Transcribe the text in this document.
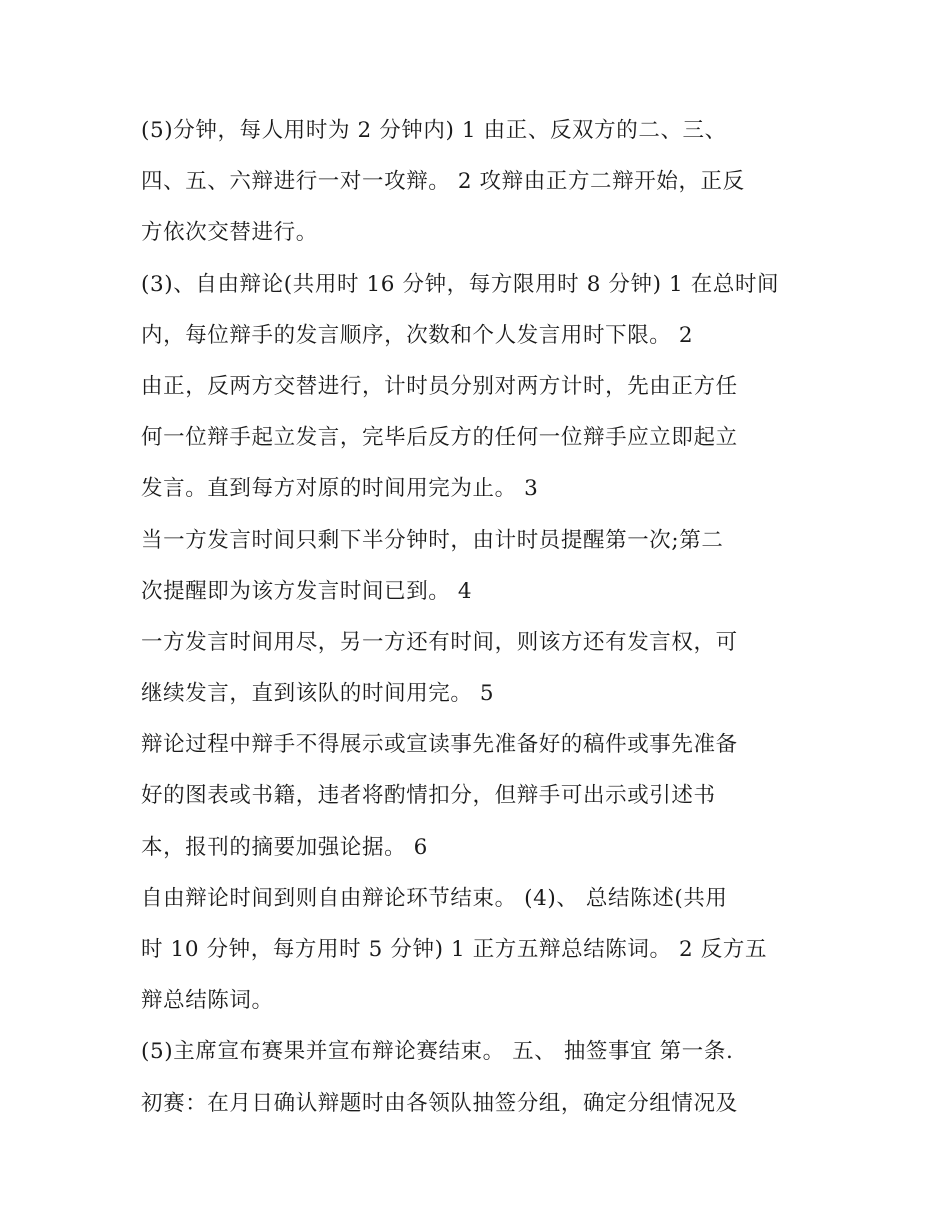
(5)分钟，每人用时为 2 分钟内) 1 由正、反双方的二、三、
四、五、六辩进行一对一攻辩。 2 攻辩由正方二辩开始，正反
方依次交替进行。
(3)、自由辩论(共用时 16 分钟，每方限用时 8 分钟) 1 在总时间
内，每位辩手的发言顺序，次数和个人发言用时下限。 2
由正，反两方交替进行，计时员分别对两方计时，先由正方任
何一位辩手起立发言，完毕后反方的任何一位辩手应立即起立
发言。直到每方对原的时间用完为止。 3
当一方发言时间只剩下半分钟时，由计时员提醒第一次;第二
次提醒即为该方发言时间已到。 4
一方发言时间用尽，另一方还有时间，则该方还有发言权，可
继续发言，直到该队的时间用完。 5
辩论过程中辩手不得展示或宣读事先准备好的稿件或事先准备
好的图表或书籍，违者将酌情扣分，但辩手可出示或引述书
本，报刊的摘要加强论据。 6
自由辩论时间到则自由辩论环节结束。 (4)、 总结陈述(共用
时 10 分钟，每方用时 5 分钟) 1 正方五辩总结陈词。 2 反方五
辩总结陈词。
(5)主席宣布赛果并宣布辩论赛结束。 五、 抽签事宜 第一条.
初赛：在月日确认辩题时由各领队抽签分组，确定分组情况及
